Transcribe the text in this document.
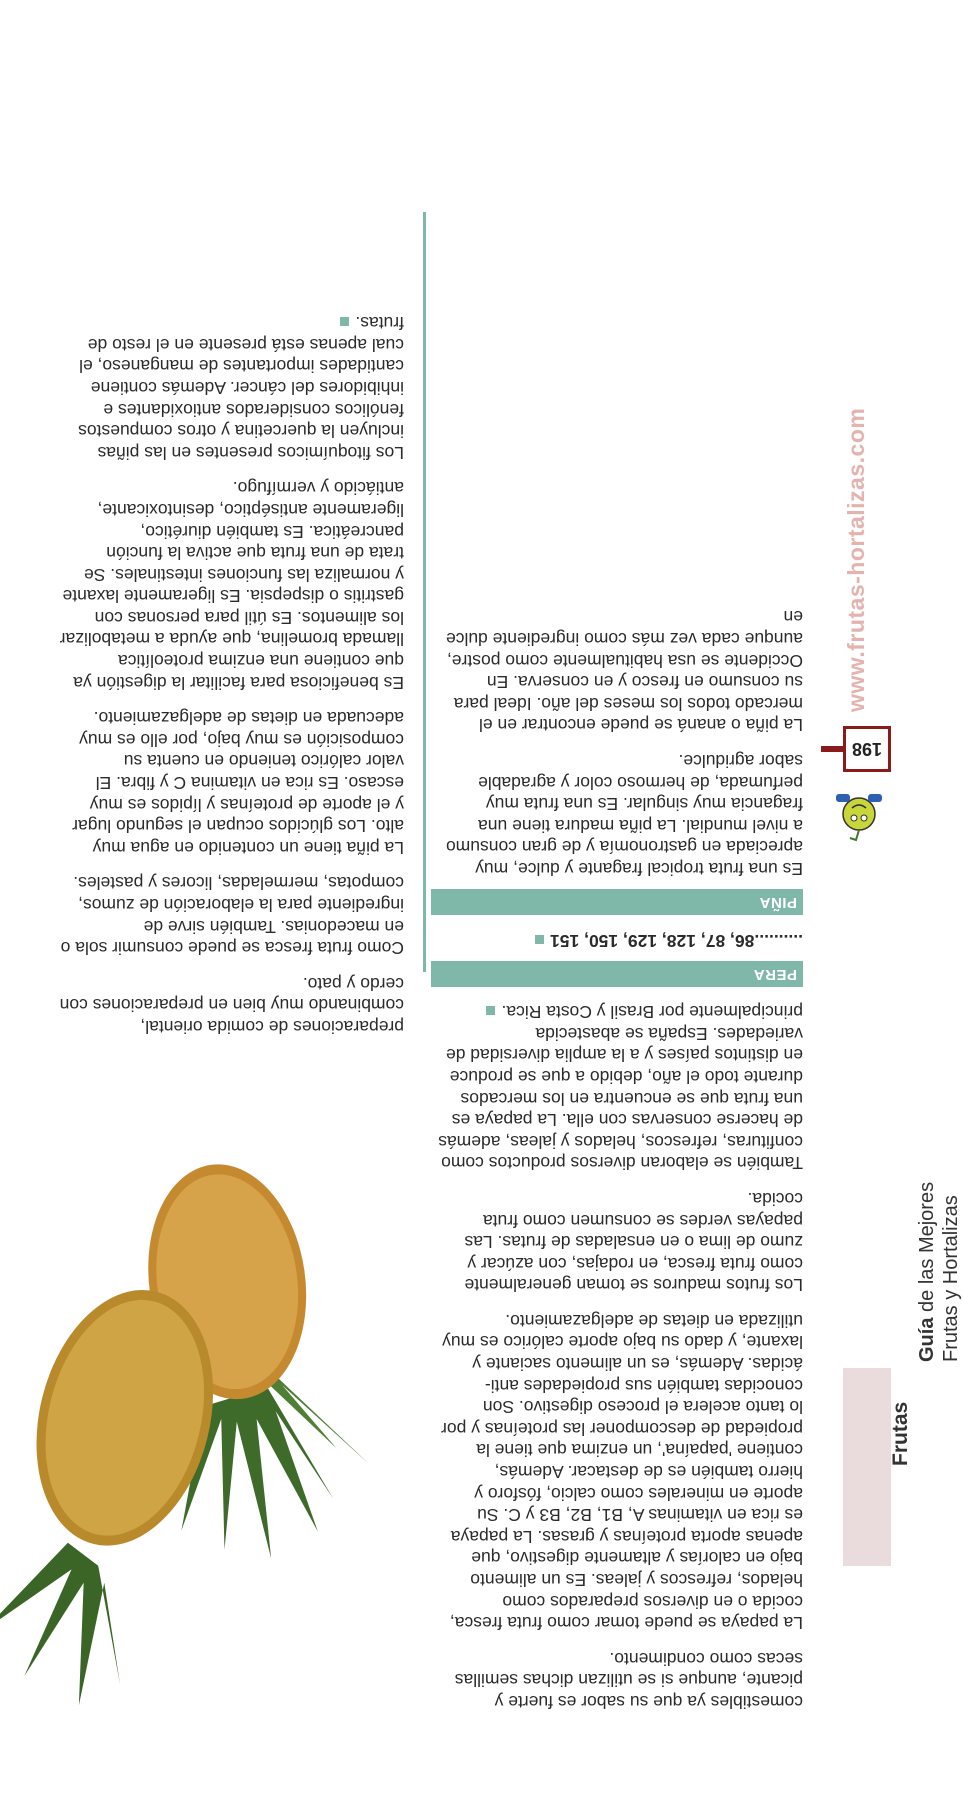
Frutas
Guía de las Mejores Frutas y Hortalizas
198
www.frutas-hortalizas.com

comestibles ya que su sabor es fuerte y picante, aunque si se utilizan dichas semillas secas como condimento.

La papaya se puede tomar como fruta fresca, cocida o en diversos preparados como helados, refrescos y jaleas. Es un alimento bajo en calorías y altamente digestivo, que apenas aporta proteínas y grasas. La papaya es rica en vitaminas A, B1, B2, B3 y C. Su aporte en minerales como calcio, fósforo y hierro también es de destacar. Además, contiene 'papaína', un enzima que tiene la propiedad de descomponer las proteínas y por lo tanto acelera el proceso digestivo. Son conocidas también sus propiedades anti-ácidas. Además, es un alimento saciante y laxante, y dado su bajo aporte calórico es muy utilizada en dietas de adelgazamiento.

Los frutos maduros se toman generalmente como fruta fresca, en rodajas, con azúcar y zumo de lima o en ensaladas de frutas. Las papayas verdes se consumen como fruta cocida.

También se elaboran diversos productos como confituras, refrescos, helados y jaleas, además de hacerse conservas con ella. La papaya es una fruta que se encuentra en los mercados durante todo el año, debido a que se produce en distintos países y a la amplia diversidad de variedades. España se abastecida principalmente por Brasil y Costa Rica.

PERA

..........86, 87, 128, 129, 150, 151

PIÑA

Es una fruta tropical fragante y dulce, muy apreciada en gastronomía y de gran consumo a nivel mundial. La piña madura tiene una fragancia muy singular. Es una fruta muy perfumada, de hermoso color y agradable sabor agridulce.

La piña o ananá se puede encontrar en el mercado todos los meses del año. Ideal para su consumo en fresco y en conserva. En Occidente se usa habitualmente como postre, aunque cada vez más como ingrediente dulce en

preparaciones de comida oriental, combinando muy bien en preparaciones con cerdo y pato.

Como fruta fresca se puede consumir sola o en macedonias. También sirve de ingrediente para la elaboración de zumos, compotas, mermeladas, licores y pasteles.

La piña tiene un contenido en agua muy alto. Los glúcidos ocupan el segundo lugar y el aporte de proteínas y lípidos es muy escaso. Es rica en vitamina C y fibra. El valor calórico teniendo en cuenta su composición es muy bajo, por ello es muy adecuada en dietas de adelgazamiento.

Es beneficiosa para facilitar la digestión ya que contiene una enzima proteolítica llamada bromelina, que ayuda a metabolizar los alimentos. Es útil para personas con gastritis o dispepsia. Es ligeramente laxante y normaliza las funciones intestinales. Se trata de una fruta que activa la función pancreática. Es también diurético, ligeramente antiséptico, desintoxicante, antiácido y vermífugo.

Los fitoquímicos presentes en las piñas incluyen la quercetina y otros compuestos fenólicos considerados antioxidantes e inhibidores del cáncer. Además contiene cantidades importantes de manganeso, el cual apenas está presente en el resto de frutas.
